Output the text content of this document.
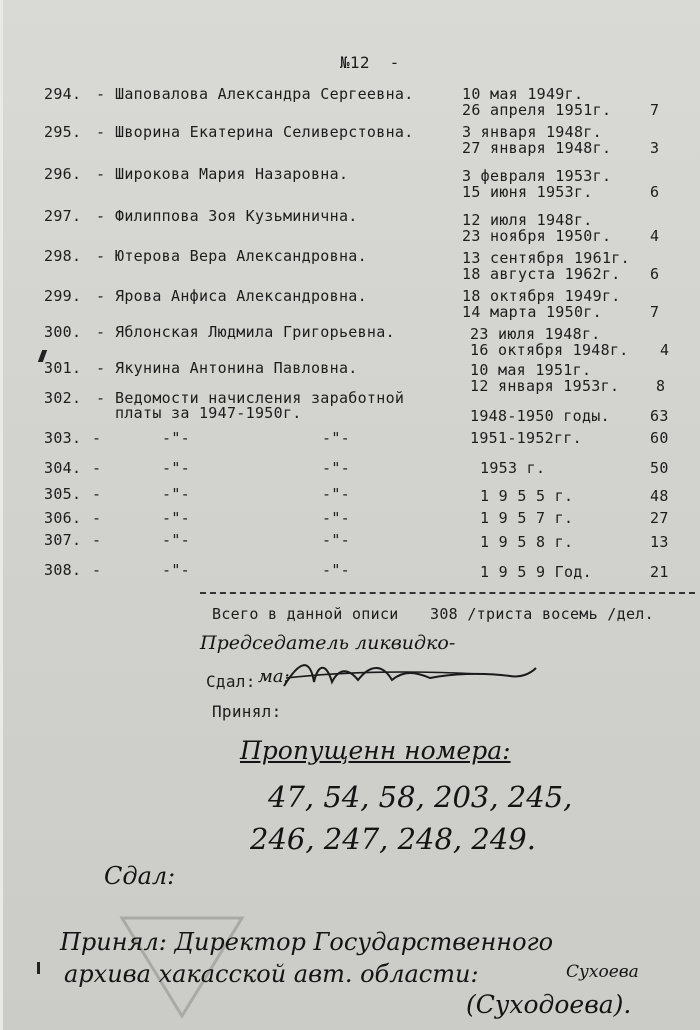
№12  -
294. - Шаповалова Александра Сергеевна.	10 мая 1949г.
26 апреля 1951г.	7
295. - Шворина Екатерина Селиверстовна.	3 января 1948г.
27 января 1948г.	3
296. - Широкова Мария Назаровна.	3 февраля 1953г.
15 июня 1953г.	6
297. - Филиппова Зоя Кузьминична.	12 июля 1948г.
23 ноября 1950г.	4
298. - Ютерова Вера Александровна.	13 сентября 1961г.
18 августа 1962г. 6
299. - Ярова Анфиса Александровна.	18 октября 1949г.
14 марта 1950г.	7
300. - Яблонская Людмила Григорьевна.	23 июля 1948г.
16 октября 1948г. 4
301. - Якунина Антонина Павловна.	10 мая 1951г.
12 января 1953г. 8
302. - Ведомости начисления заработной
платы за 1947-1950г.	1948-1950 годы.	63
303. -	-"-	-"-	1951-1952гг.	60
304. -	-"-	-"-	1953 г.	50
305. -	-"-	-"-	1 9 5 5 г.	48
306. -	-"-	-"-	1 9 5 7 г.	27
307. -	-"-	-"-	1 9 5 8 г.	13
308. -	-"-	-"-	1 9 5 9 Год.	21
Всего в данной описи 308 /триста восемь /дел.
Председатель ликвидко-
Сдал: ма:
Принял:
Пропущенн номера:
47, 54, 58, 203, 245,
246, 247, 248, 249.
Сдал:
Принял: Директор Государственного
архива хакасской авт. области:	Сухоева
(Суходоева).
